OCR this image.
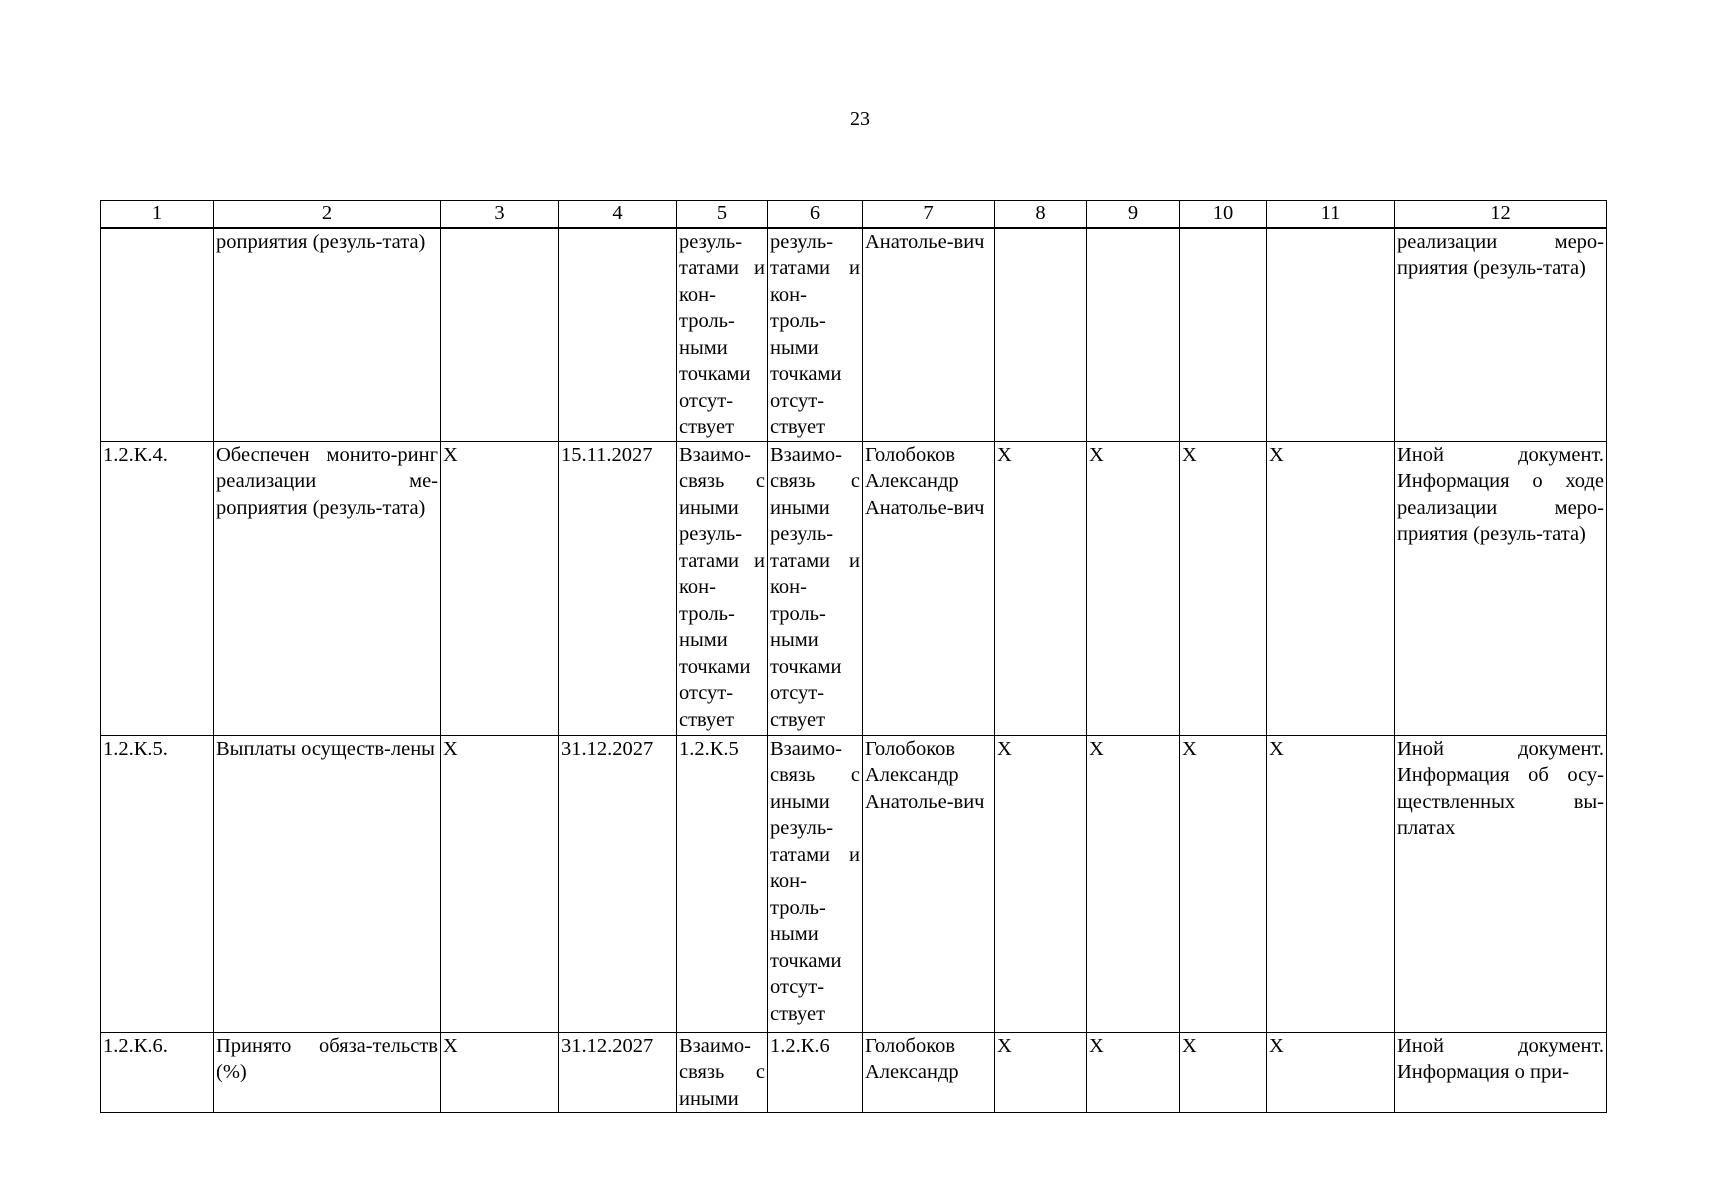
23
1	2	3	4	5	6	7	8	9	10	11	12
	роприятия (резуль-тата)			резуль-татами и кон-троль-ными точками отсут-ствует	резуль-татами и кон-троль-ными точками отсут-ствует	Анатолье-вич					реализации меро-приятия (резуль-тата)
1.2.К.4.	Обеспечен монито-ринг реализации ме-роприятия (резуль-тата)	X	15.11.2027	Взаимо-связь с иными резуль-татами и кон-троль-ными точками отсут-ствует	Взаимо-связь с иными резуль-татами и кон-троль-ными точками отсут-ствует	Голобоков Александр Анатолье-вич	X	X	X	X	Иной документ. Информация о ходе реализации меро-приятия (резуль-тата)
1.2.К.5.	Выплаты осуществ-лены	X	31.12.2027	1.2.К.5	Взаимо-связь с иными резуль-татами и кон-троль-ными точками отсут-ствует	Голобоков Александр Анатолье-вич	X	X	X	X	Иной документ. Информация об осу-ществленных вы-платах
1.2.К.6.	Принято обяза-тельств (%)	X	31.12.2027	Взаимо-связь с иными	1.2.К.6	Голобоков Александр	X	X	X	X	Иной документ. Информация о при-
